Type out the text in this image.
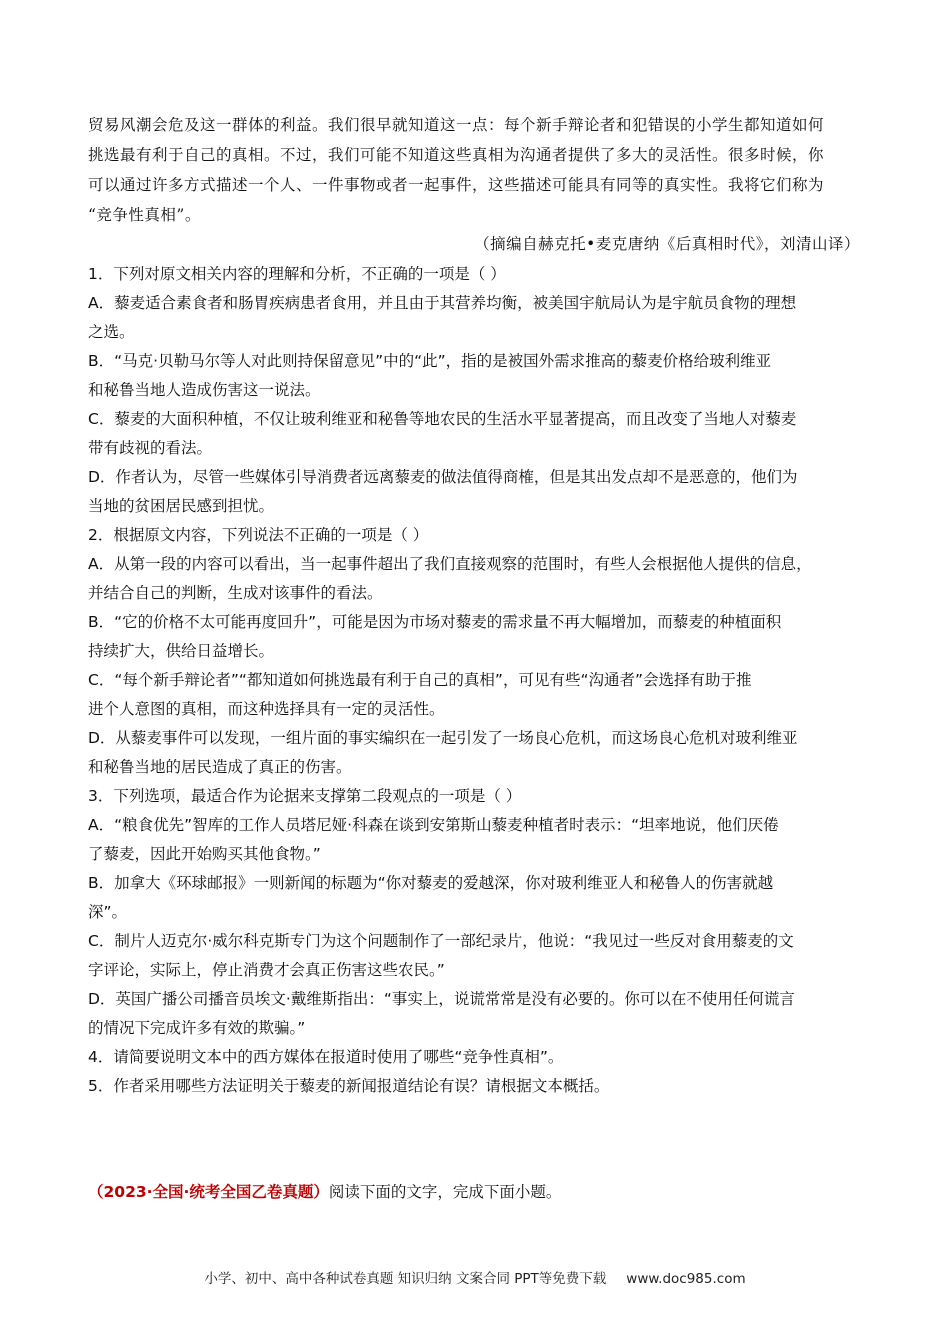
贸易风潮会危及这一群体的利益。我们很早就知道这一点：每个新手辩论者和犯错误的小学生都知道如何

挑选最有利于自己的真相。不过，我们可能不知道这些真相为沟通者提供了多大的灵活性。很多时候，你

可以通过许多方式描述一个人、一件事物或者一起事件，这些描述可能具有同等的真实性。我将它们称为

“竞争性真相”。

（摘编自赫克托•麦克唐纳《后真相时代》，刘清山译）

1．下列对原文相关内容的理解和分析，不正确的一项是（ ）

A．藜麦适合素食者和肠胃疾病患者食用，并且由于其营养均衡，被美国宇航局认为是宇航员食物的理想

之选。

B．“马克·贝勒马尔等人对此则持保留意见”中的“此”，指的是被国外需求推高的藜麦价格给玻利维亚

和秘鲁当地人造成伤害这一说法。

C．藜麦的大面积种植，不仅让玻利维亚和秘鲁等地农民的生活水平显著提高，而且改变了当地人对藜麦

带有歧视的看法。

D．作者认为，尽管一些媒体引导消费者远离藜麦的做法值得商榷，但是其出发点却不是恶意的，他们为

当地的贫困居民感到担忧。

2．根据原文内容，下列说法不正确的一项是（ ）

A．从第一段的内容可以看出，当一起事件超出了我们直接观察的范围时，有些人会根据他人提供的信息，

并结合自己的判断，生成对该事件的看法。

B．“它的价格不太可能再度回升”，可能是因为市场对藜麦的需求量不再大幅增加，而藜麦的种植面积

持续扩大，供给日益增长。

C．“每个新手辩论者”“都知道如何挑选最有利于自己的真相”，可见有些“沟通者”会选择有助于推

进个人意图的真相，而这种选择具有一定的灵活性。

D．从藜麦事件可以发现，一组片面的事实编织在一起引发了一场良心危机，而这场良心危机对玻利维亚

和秘鲁当地的居民造成了真正的伤害。

3．下列选项，最适合作为论据来支撑第二段观点的一项是（ ）

A．“粮食优先”智库的工作人员塔尼娅·科森在谈到安第斯山藜麦种植者时表示：“坦率地说，他们厌倦

了藜麦，因此开始购买其他食物。”

B．加拿大《环球邮报》一则新闻的标题为“你对藜麦的爱越深，你对玻利维亚人和秘鲁人的伤害就越

深”。

C．制片人迈克尔·威尔科克斯专门为这个问题制作了一部纪录片，他说：“我见过一些反对食用藜麦的文

字评论，实际上，停止消费才会真正伤害这些农民。”

D．英国广播公司播音员埃文·戴维斯指出：“事实上，说谎常常是没有必要的。你可以在不使用任何谎言

的情况下完成许多有效的欺骗。”

4．请简要说明文本中的西方媒体在报道时使用了哪些“竞争性真相”。

5．作者采用哪些方法证明关于藜麦的新闻报道结论有误？请根据文本概括。

（2023·全国·统考全国乙卷真题）阅读下面的文字，完成下面小题。
小学、初中、高中各种试卷真题 知识归纳 文案合同 PPT等免费下载 www.doc985.com
